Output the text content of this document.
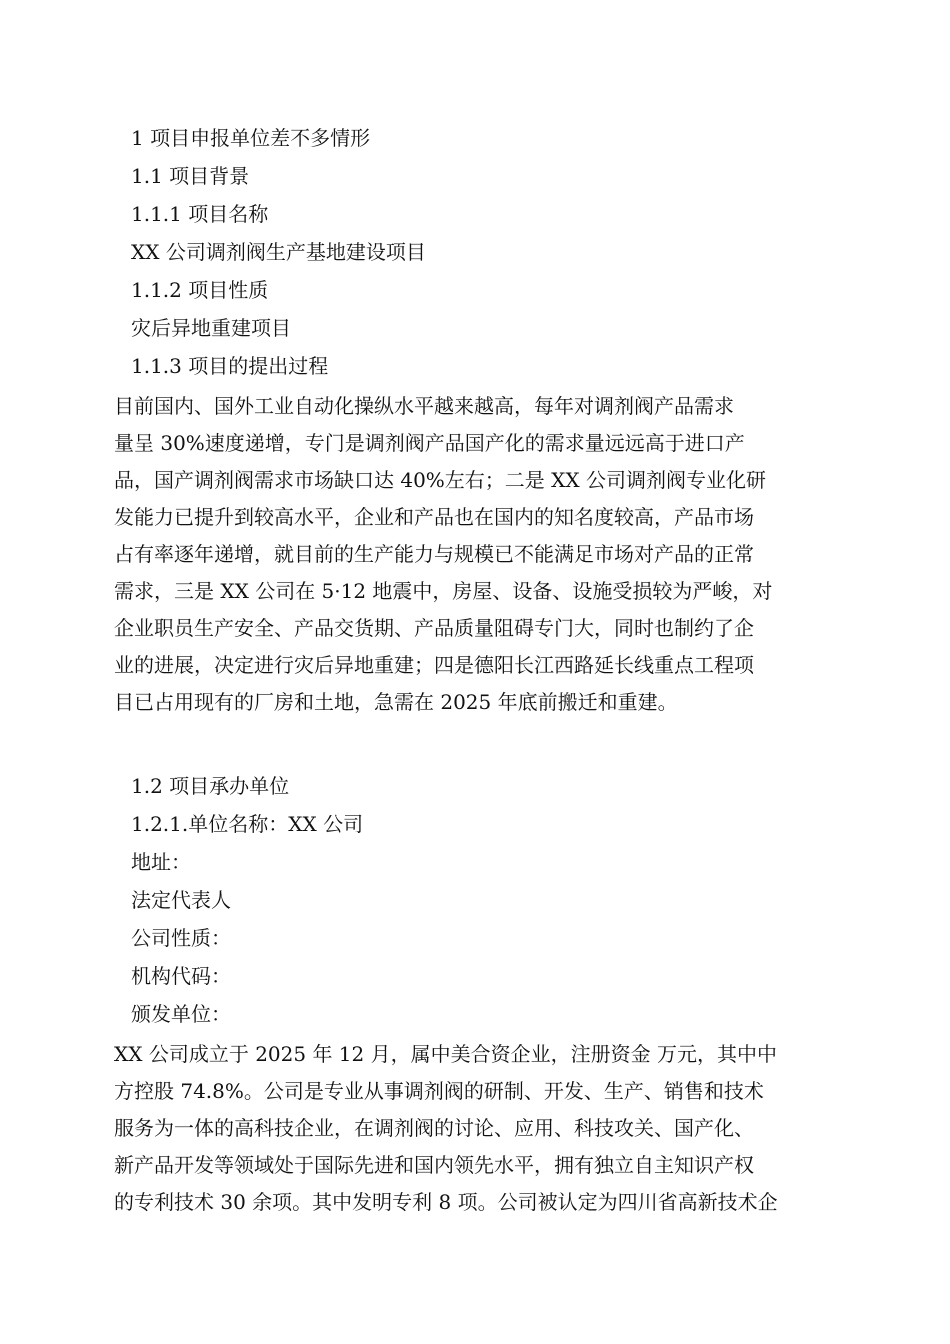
1 项目申报单位差不多情形
1.1 项目背景
1.1.1 项目名称
XX 公司调剂阀生产基地建设项目
1.1.2 项目性质
灾后异地重建项目
1.1.3 项目的提出过程
目前国内、国外工业自动化操纵水平越来越高，每年对调剂阀产品需求
量呈 30%速度递增，专门是调剂阀产品国产化的需求量远远高于进口产
品，国产调剂阀需求市场缺口达 40%左右；二是 XX 公司调剂阀专业化研
发能力已提升到较高水平，企业和产品也在国内的知名度较高，产品市场
占有率逐年递增，就目前的生产能力与规模已不能满足市场对产品的正常
需求，三是 XX 公司在 5·12 地震中，房屋、设备、设施受损较为严峻，对
企业职员生产安全、产品交货期、产品质量阻碍专门大，同时也制约了企
业的进展，决定进行灾后异地重建；四是德阳长江西路延长线重点工程项
目已占用现有的厂房和土地，急需在 2025 年底前搬迁和重建。
1.2 项目承办单位
1.2.1.单位名称：XX 公司
地址：
法定代表人
公司性质：
机构代码：
颁发单位：
XX 公司成立于 2025 年 12 月，属中美合资企业，注册资金 万元，其中中
方控股 74.8%。公司是专业从事调剂阀的研制、开发、生产、销售和技术
服务为一体的高科技企业，在调剂阀的讨论、应用、科技攻关、国产化、
新产品开发等领域处于国际先进和国内领先水平，拥有独立自主知识产权
的专利技术 30 余项。其中发明专利 8 项。公司被认定为四川省高新技术企
